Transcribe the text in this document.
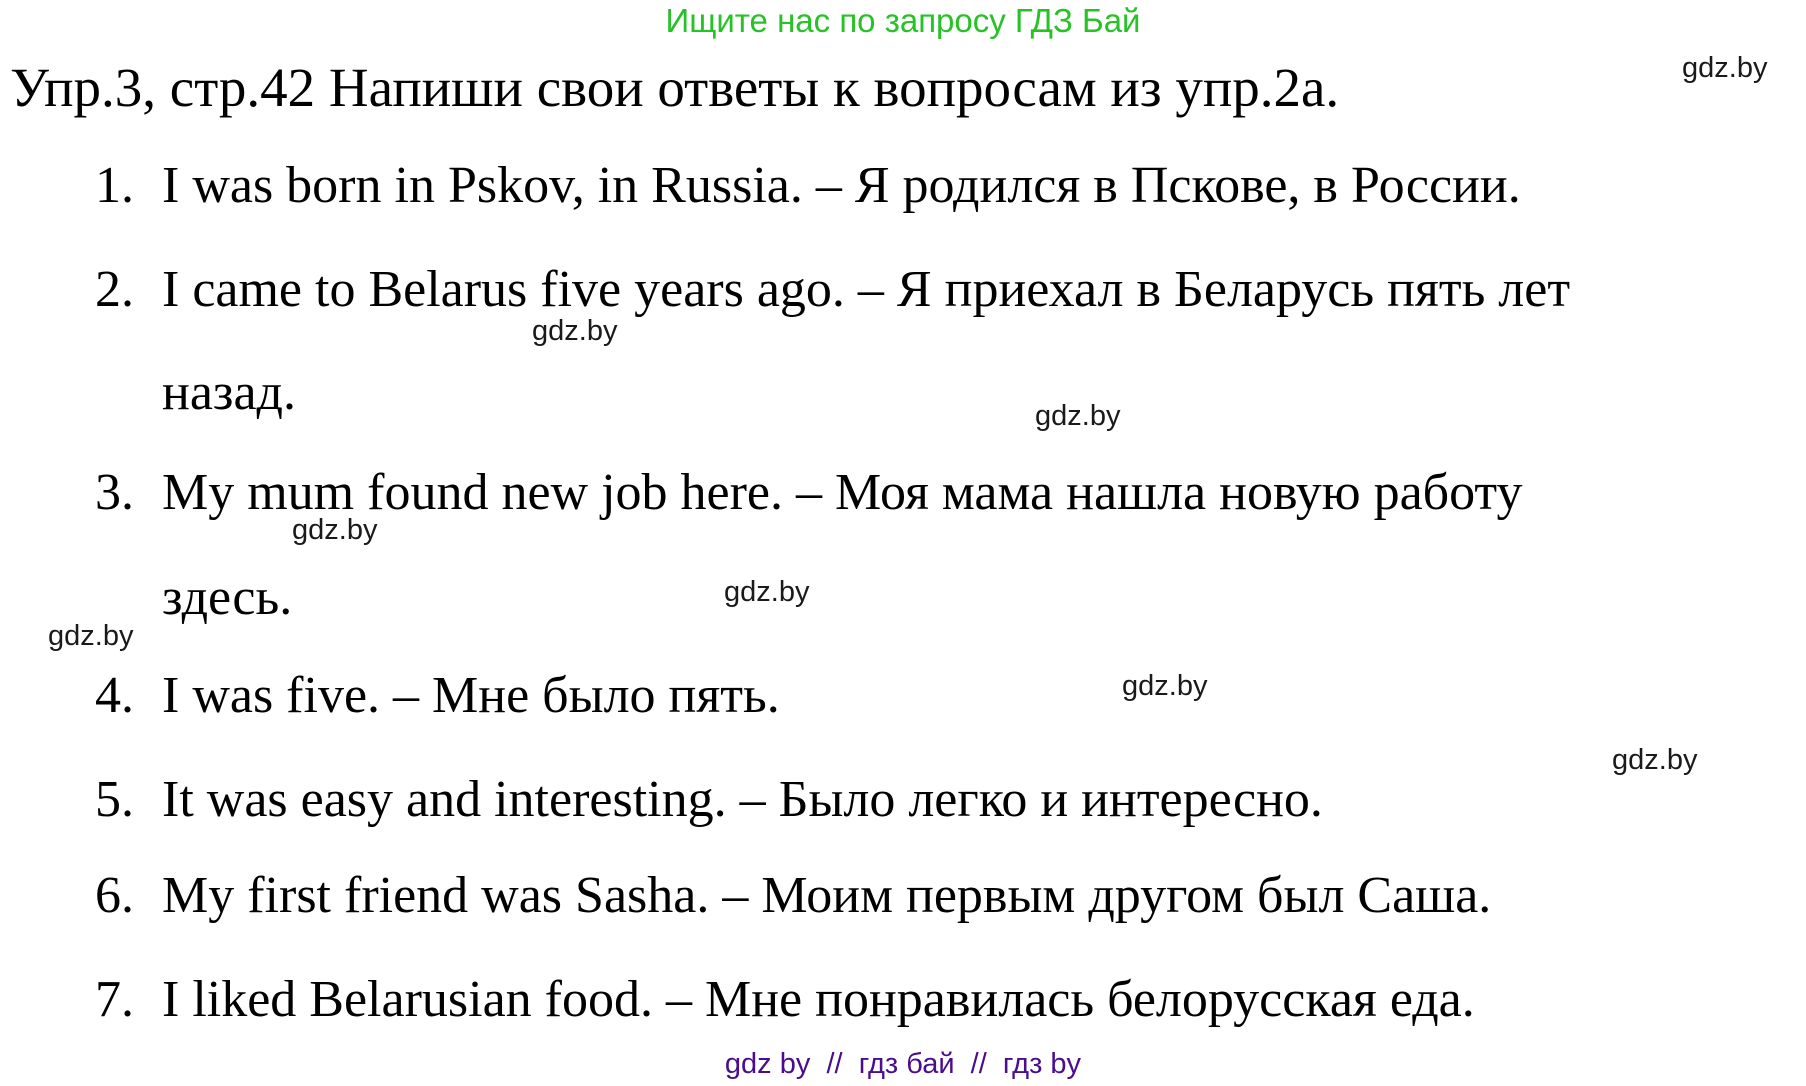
Ищите нас по запросу ГДЗ Бай
gdz.by
Упр.3, стр.42 Напиши свои ответы к вопросам из упр.2а.
1. I was born in Pskov, in Russia. – Я родился в Пскове, в России.
2. I came to Belarus five years ago. – Я приехал в Беларусь пять лет
назад.
3. My mum found new job here. – Моя мама нашла новую работу
здесь.
4. I was five. – Мне было пять.
5. It was easy and interesting. – Было легко и интересно.
6. My first friend was Sasha. – Моим первым другом был Саша.
7. I liked Belarusian food. – Мне понравилась белорусская еда.
gdz.by
gdz.by
gdz.by
gdz.by
gdz.by
gdz.by
gdz.by
gdz by  //  гдз бай  //  гдз by
